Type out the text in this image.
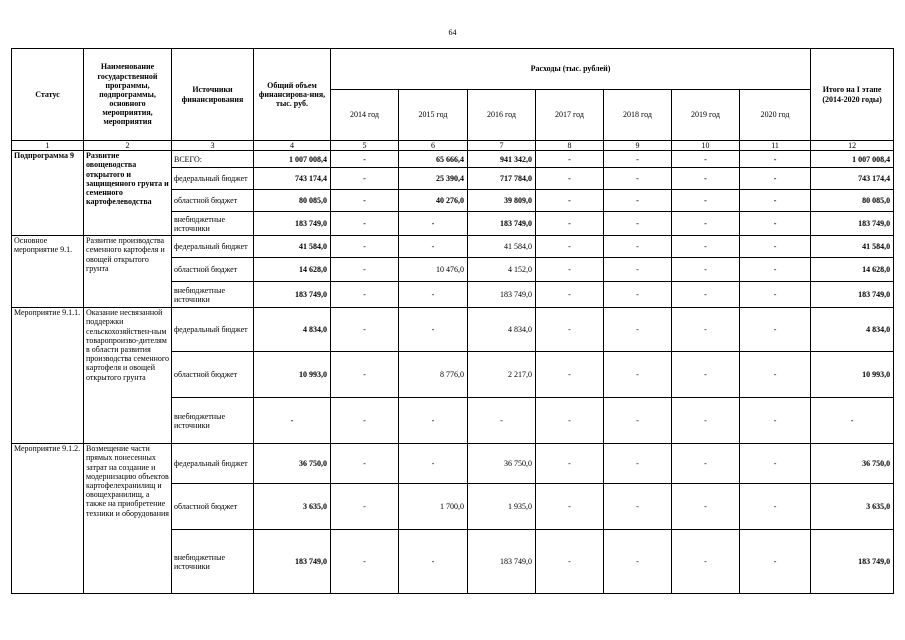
64
Статус	Наименование государственной программы, подпрограммы, основного мероприятия, мероприятия	Источники финансирования	Общий объем финансирова-ния, тыс. руб.	Расходы (тыс. рублей)							Итого на I этапе (2014-2020 годы)
				2014 год	2015 год	2016 год	2017 год	2018 год	2019 год	2020 год	
1	2	3	4	5	6	7	8	9	10	11	12
Подпрограмма 9	Развитие овощеводства открытого и защищенного грунта и семенного картофелеводства	ВСЕГО:	1 007 008,4	-	65 666,4	941 342,0	-	-	-	-	1 007 008,4
		федеральный бюджет	743 174,4	-	25 390,4	717 784,0	-	-	-	-	743 174,4
		областной бюджет	80 085,0	-	40 276,0	39 809,0	-	-	-	-	80 085,0
		внебюджетные источники	183 749,0	-	-	183 749,0	-	-	-	-	183 749,0
Основное мероприятие 9.1.	Развитие производства семенного картофеля и овощей открытого грунта	федеральный бюджет	41 584,0	-	-	41 584,0	-	-	-	-	41 584,0
		областной бюджет	14 628,0	-	10 476,0	4 152,0	-	-	-	-	14 628,0
		внебюджетные источники	183 749,0	-	-	183 749,0	-	-	-	-	183 749,0
Мероприятие 9.1.1.	Оказание несвязанной поддержки сельскохозяйствен-ным товаропроизво-дителям в области развития производства семенного картофеля и овощей открытого грунта	федеральный бюджет	4 834,0	-	-	4 834,0	-	-	-	-	4 834,0
		областной бюджет	10 993,0	-	8 776,0	2 217,0	-	-	-	-	10 993,0
		внебюджетные источники	-	-	-	-	-	-	-	-	-
Мероприятие 9.1.2.	Возмещение части прямых понесенных затрат на создание и модернизацию объектов картофелехранилищ и овощехранилищ, а также на приобретение техники и оборудования	федеральный бюджет	36 750,0	-	-	36 750,0	-	-	-	-	36 750,0
		областной бюджет	3 635,0	-	1 700,0	1 935,0	-	-	-	-	3 635,0
		внебюджетные источники	183 749,0	-	-	183 749,0	-	-	-	-	183 749,0
